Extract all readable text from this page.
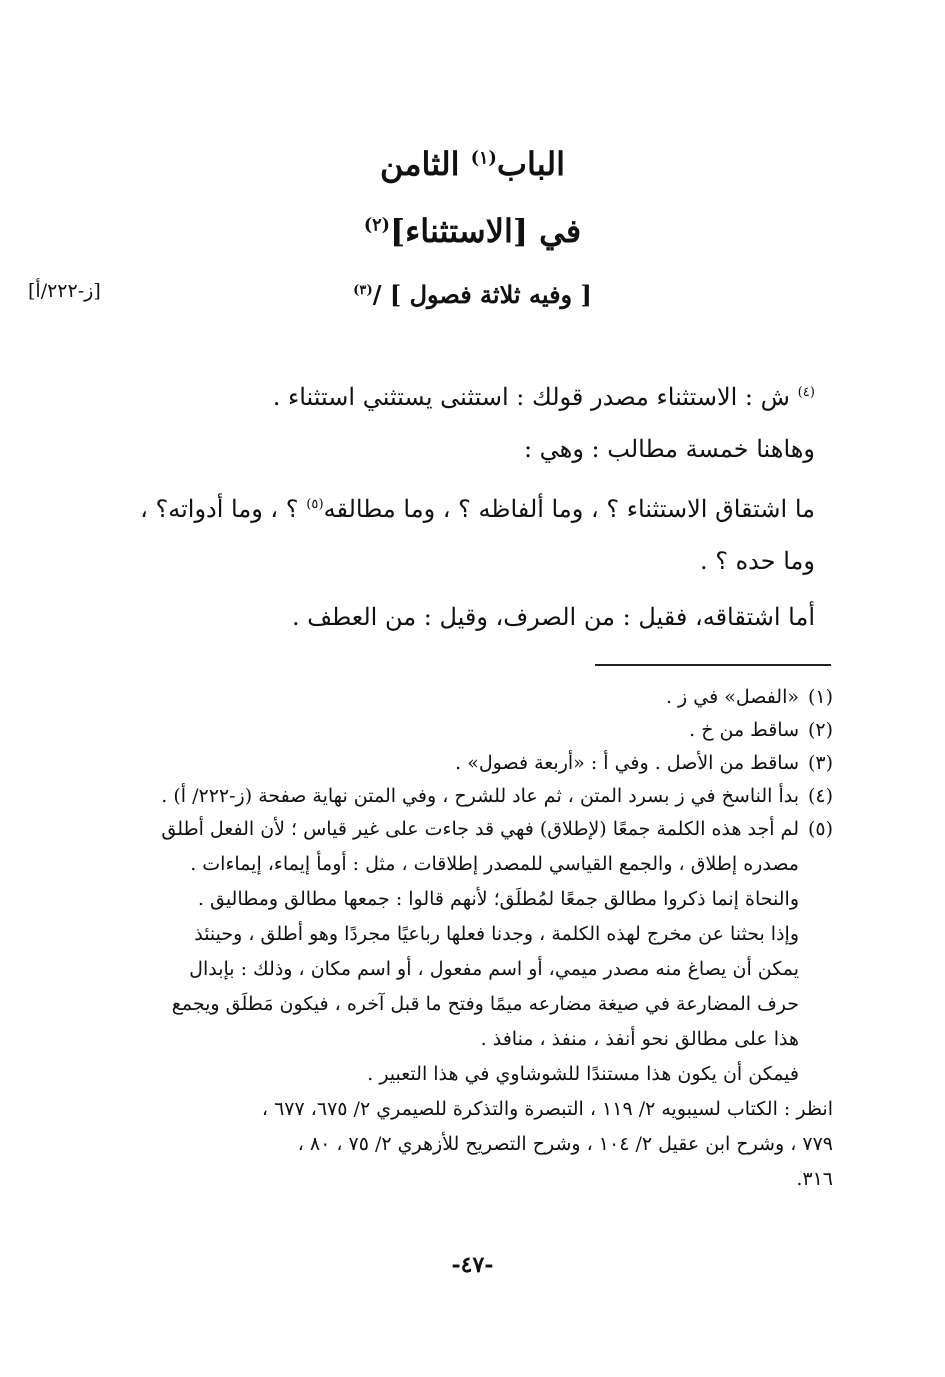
الباب$^{(١)}$ الثامن
في [الاستثناء]$^{(٢)}$
[ وفيه ثلاثة فصول ] /$^{(٣)}$
[ز-٢٢٢/أ]
$^{(٤)}$ ش : الاستثناء مصدر قولك : استثنى يستثني استثناء .
وهاهنا خمسة مطالب : وهي :
ما اشتقاق الاستثناء ؟ ، وما ألفاظه ؟ ، وما مطالقه$^{(٥)}$ ؟ ، وما أدواته؟ ،
وما حده ؟ .
أما اشتقاقه، فقيل : من الصرف، وقيل : من العطف .
(١)«الفصل» في ز .
(٢)ساقط من خ .
(٣)ساقط من الأصل . وفي أ : «أربعة فصول» .
(٤)بدأ الناسخ في ز بسرد المتن ، ثم عاد للشرح ، وفي المتن نهاية صفحة (ز-٢٢٢/ أ) .
(٥)لم أجد هذه الكلمة جمعًا (لإطلاق) فهي قد جاءت على غير قياس ؛ لأن الفعل أطلق
مصدره إطلاق ، والجمع القياسي للمصدر إطلاقات ، مثل : أومأ إيماء، إيماءات .
والنحاة إنما ذكروا مطالق جمعًا لمُطلَق؛ لأنهم قالوا : جمعها مطالق ومطاليق .
وإذا بحثنا عن مخرج لهذه الكلمة ، وجدنا فعلها رباعيًا مجردًا وهو أطلق ، وحينئذ
يمكن أن يصاغ منه مصدر ميمي، أو اسم مفعول ، أو اسم مكان ، وذلك : بإبدال
حرف المضارعة في صيغة مضارعه ميمًا وفتح ما قبل آخره ، فيكون مَطلَق ويجمع
هذا على مطالق نحو أنفذ ، منفذ ، منافذ .
فيمكن أن يكون هذا مستندًا للشوشاوي في هذا التعبير .
انظر : الكتاب لسيبويه ٢/ ١١٩ ، التبصرة والتذكرة للصيمري ٢/ ٦٧٥، ٦٧٧ ،
٧٧٩ ، وشرح ابن عقيل ٢/ ١٠٤ ، وشرح التصريح للأزهري ٢/ ٧٥ ، ٨٠ ،
٣١٦.
-٤٧-
